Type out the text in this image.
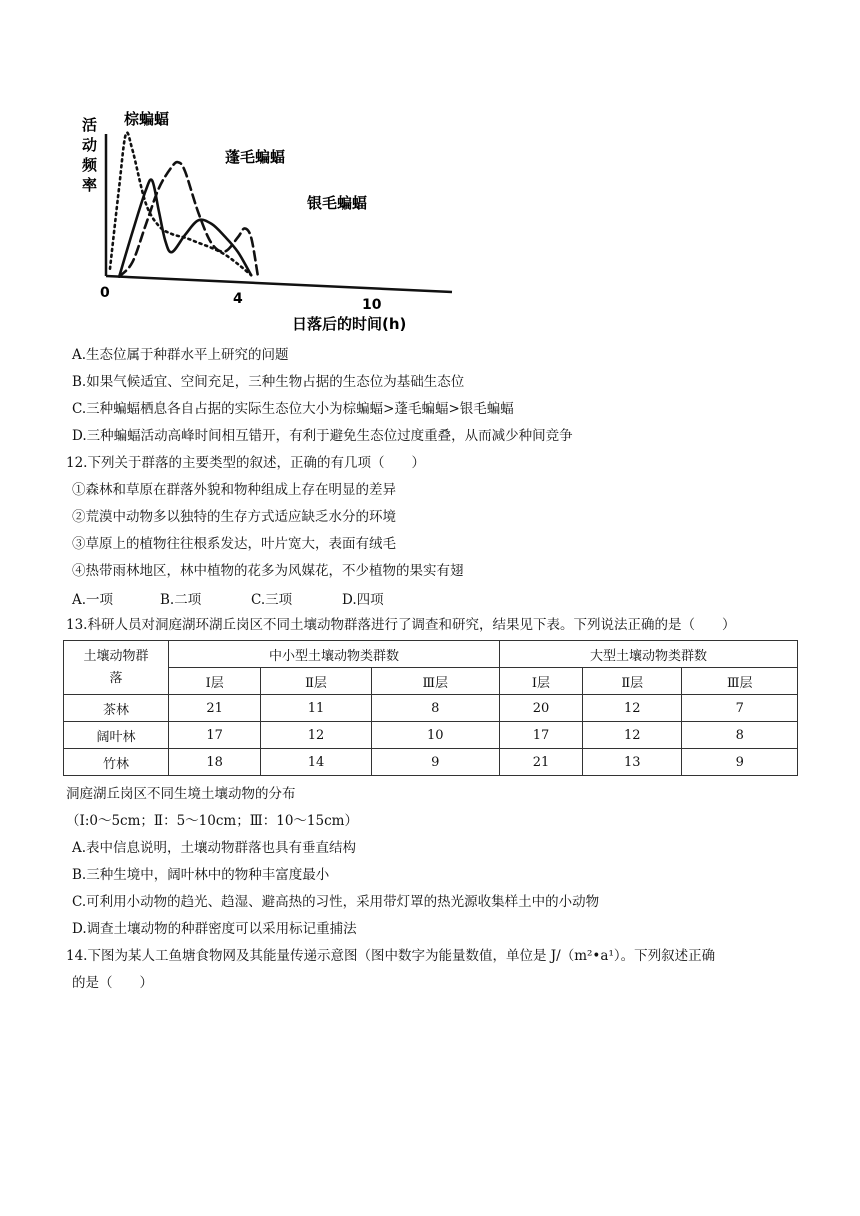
活
动
频
率
0	4	10
日落后的时间(h)
棕蝙蝠
蓬毛蝙蝠
银毛蝙蝠
A.生态位属于种群水平上研究的问题
B.如果气候适宜、空间充足，三种生物占据的生态位为基础生态位
C.三种蝙蝠栖息各自占据的实际生态位大小为棕蝙蝠>蓬毛蝙蝠>银毛蝙蝠
D.三种蝙蝠活动高峰时间相互错开，有利于避免生态位过度重叠，从而减少种间竞争
12.下列关于群落的主要类型的叙述，正确的有几项（　　）
①森林和草原在群落外貌和物种组成上存在明显的差异
②荒漠中动物多以独特的生存方式适应缺乏水分的环境
③草原上的植物往往根系发达，叶片宽大，表面有绒毛
④热带雨林地区，林中植物的花多为风媒花，不少植物的果实有翅
A.一项	B.二项	C.三项	D.四项
13.科研人员对洞庭湖环湖丘岗区不同土壤动物群落进行了调查和研究，结果见下表。下列说法正确的是（　　）
土壤动物群
落	中小型土壤动物类群数			大型土壤动物类群数		
	Ⅰ层	Ⅱ层	Ⅲ层	Ⅰ层	Ⅱ层	Ⅲ层
茶林	21	11	8	20	12	7
阔叶林	17	12	10	17	12	8
竹林	18	14	9	21	13	9
洞庭湖丘岗区不同生境土壤动物的分布
（Ⅰ:0～5cm；Ⅱ：5～10cm；Ⅲ：10～15cm）
A.表中信息说明，土壤动物群落也具有垂直结构
B.三种生境中，阔叶林中的物种丰富度最小
C.可利用小动物的趋光、趋湿、避高热的习性，采用带灯罩的热光源收集样土中的小动物
D.调查土壤动物的种群密度可以采用标记重捕法
14.下图为某人工鱼塘食物网及其能量传递示意图（图中数字为能量数值，单位是 J/（m²•a¹）。下列叙述正确
的是（　　）
